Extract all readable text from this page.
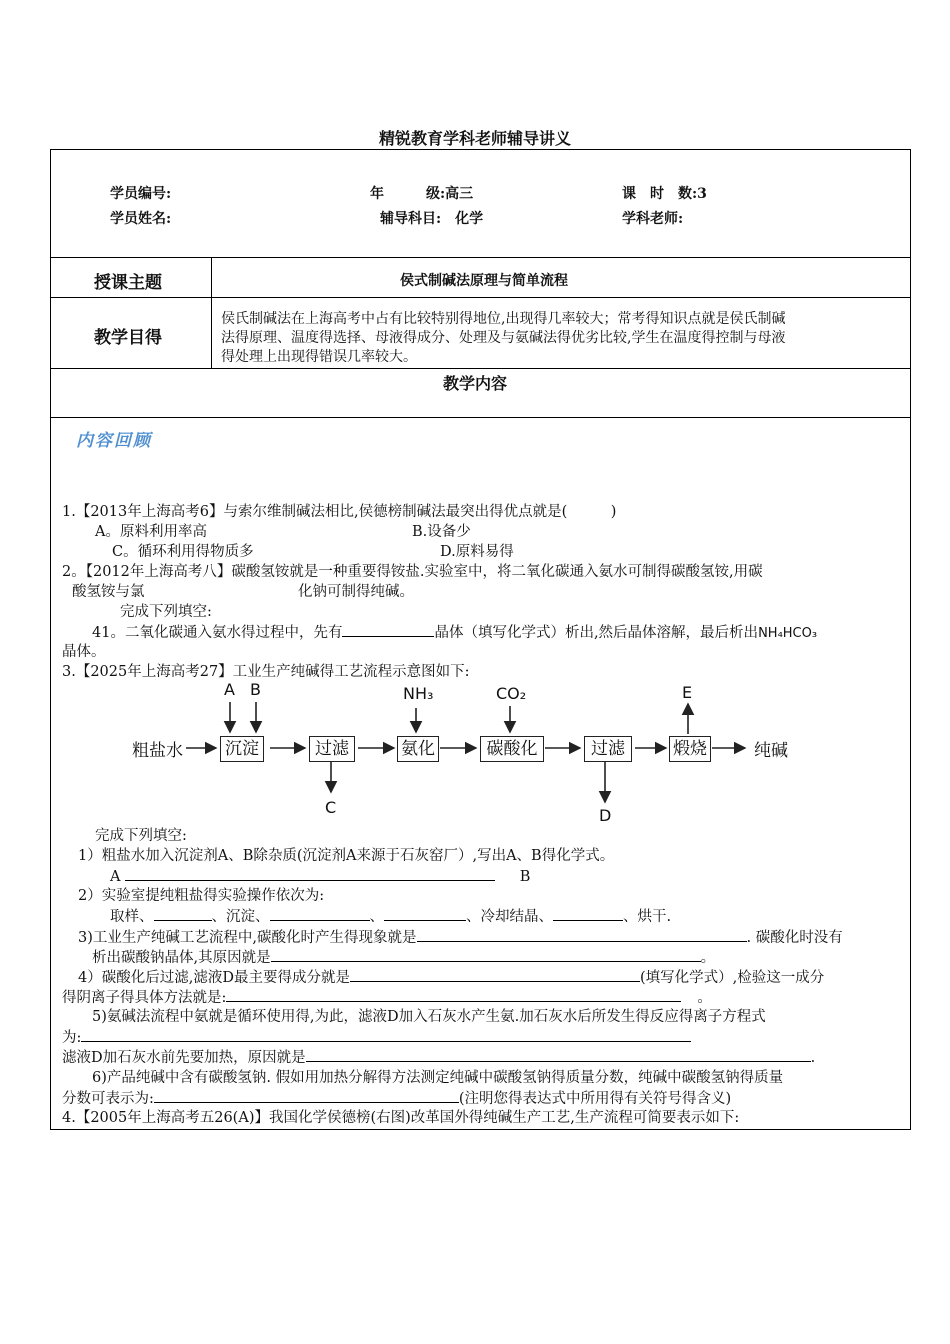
精锐教育学科老师辅导讲义
学员编号:	年　　　级:高三	课　时　数:3
学员姓名:	辅导科目:　化学	学科老师:
授课主题	侯式制碱法原理与简单流程
教学目得
侯氏制碱法在上海高考中占有比较特别得地位,出现得几率较大；常考得知识点就是侯氏制碱
法得原理、温度得选择、母液得成分、处理及与氨碱法得优劣比较,学生在温度得控制与母液
得处理上出现得错误几率较大。
教学内容
内容回顾
1.【2013年上海高考6】与索尔维制碱法相比,侯德榜制碱法最突出得优点就是(　　　)
A。原料利用率高	B.设备少
C。循环利用得物质多	D.原料易得
2。【2012年上海高考八】碳酸氢铵就是一种重要得铵盐.实验室中，将二氧化碳通入氨水可制得碳酸氢铵,用碳
酸氢铵与氯	化钠可制得纯碱。
完成下列填空:
41。二氧化碳通入氨水得过程中，先有	晶体（填写化学式）析出,然后晶体溶解，最后析出NH₄HCO₃
晶体。
3.【2025年上海高考27】工业生产纯碱得工艺流程示意图如下:
粗盐水 沉淀	过滤	氨化	碳酸化	过滤	煅烧	纯碱
A B	NH₃	CO₂
C	D
E
完成下列填空:
1）粗盐水加入沉淀剂A、B除杂质(沉淀剂A来源于石灰窑厂）,写出A、B得化学式。
A	B
2）实验室提纯粗盐得实验操作依次为:
取样、	、沉淀、	、	、冷却结晶、	、烘干.
3)工业生产纯碱工艺流程中,碳酸化时产生得现象就是	. 碳酸化时没有
析出碳酸钠晶体,其原因就是	。
4）碳酸化后过滤,滤液D最主要得成分就是	(填写化学式）,检验这一成分
得阴离子得具体方法就是:	。
5)氨碱法流程中氨就是循环使用得,为此，滤液D加入石灰水产生氨.加石灰水后所发生得反应得离子方程式
为:
滤液D加石灰水前先要加热，原因就是	.
6)产品纯碱中含有碳酸氢钠. 假如用加热分解得方法测定纯碱中碳酸氢钠得质量分数，纯碱中碳酸氢钠得质量
分数可表示为:	(注明您得表达式中所用得有关符号得含义)
4.【2005年上海高考五26(A)】我国化学侯德榜(右图)改革国外得纯碱生产工艺,生产流程可简要表示如下:
